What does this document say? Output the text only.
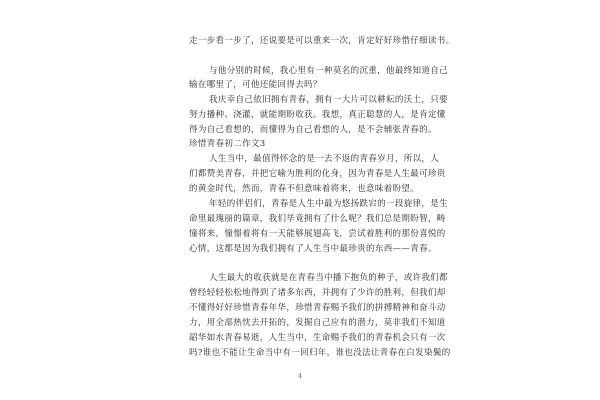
走一步看一步了，还说要是可以重来一次，肯定好好珍惜仔细读书。
与他分别的时候，我心里有一种莫名的沉重，他最终知道自己
输在哪里了，可他还能回得去吗？
我庆幸自己依旧拥有青春，拥有一大片可以耕耘的沃土，只要
努力播种、浇灌，就能期盼收获。我想，真正聪慧的人，是肯定懂
得为自己看想的，而懂得为自己看想的人，是不会辅张青春的。
珍惜青春初二作文3
人生当中，最值得怀念的是一去不返的青春岁月，所以，人
们都赞美青春，并把它喻为胜利的化身，因为青春是人生最可珍贵
的黄金时代，然而，青春不但意味着将来，也意味着盼望。
年轻的伴侣们，青春是人生中最为悠扬跌宕的一段旋律，是生
命里最瑰丽的篇章，我们毕竟拥有了什么呢？我们总是期盼智，畴
憧将来，憧憬着将有一天能够展翅高飞，尝试着胜利的那份喜悦的
心情，这都是因为我们拥有了人生当中最珍贵的东西——青春。
人生最大的收获就是在青春当中播下抱负的种子，或许我们都
曾经轻轻松松地得到了诸多东西，并拥有了少许的胜利，但我们却
不懂得好好珍惜青春年华，珍惜青春赐予我们的拼搏精神和奋斗动
力，用全部热忱去开拓的，发掘自己应有的潜力，莫非我们不知道
韶华如水青春易逝，人生当中，生命赐予我们的青春机会只有一次
吗?谁也不能让生命当中有一回归年，谁也没法让青春在白发染鬓的
4
